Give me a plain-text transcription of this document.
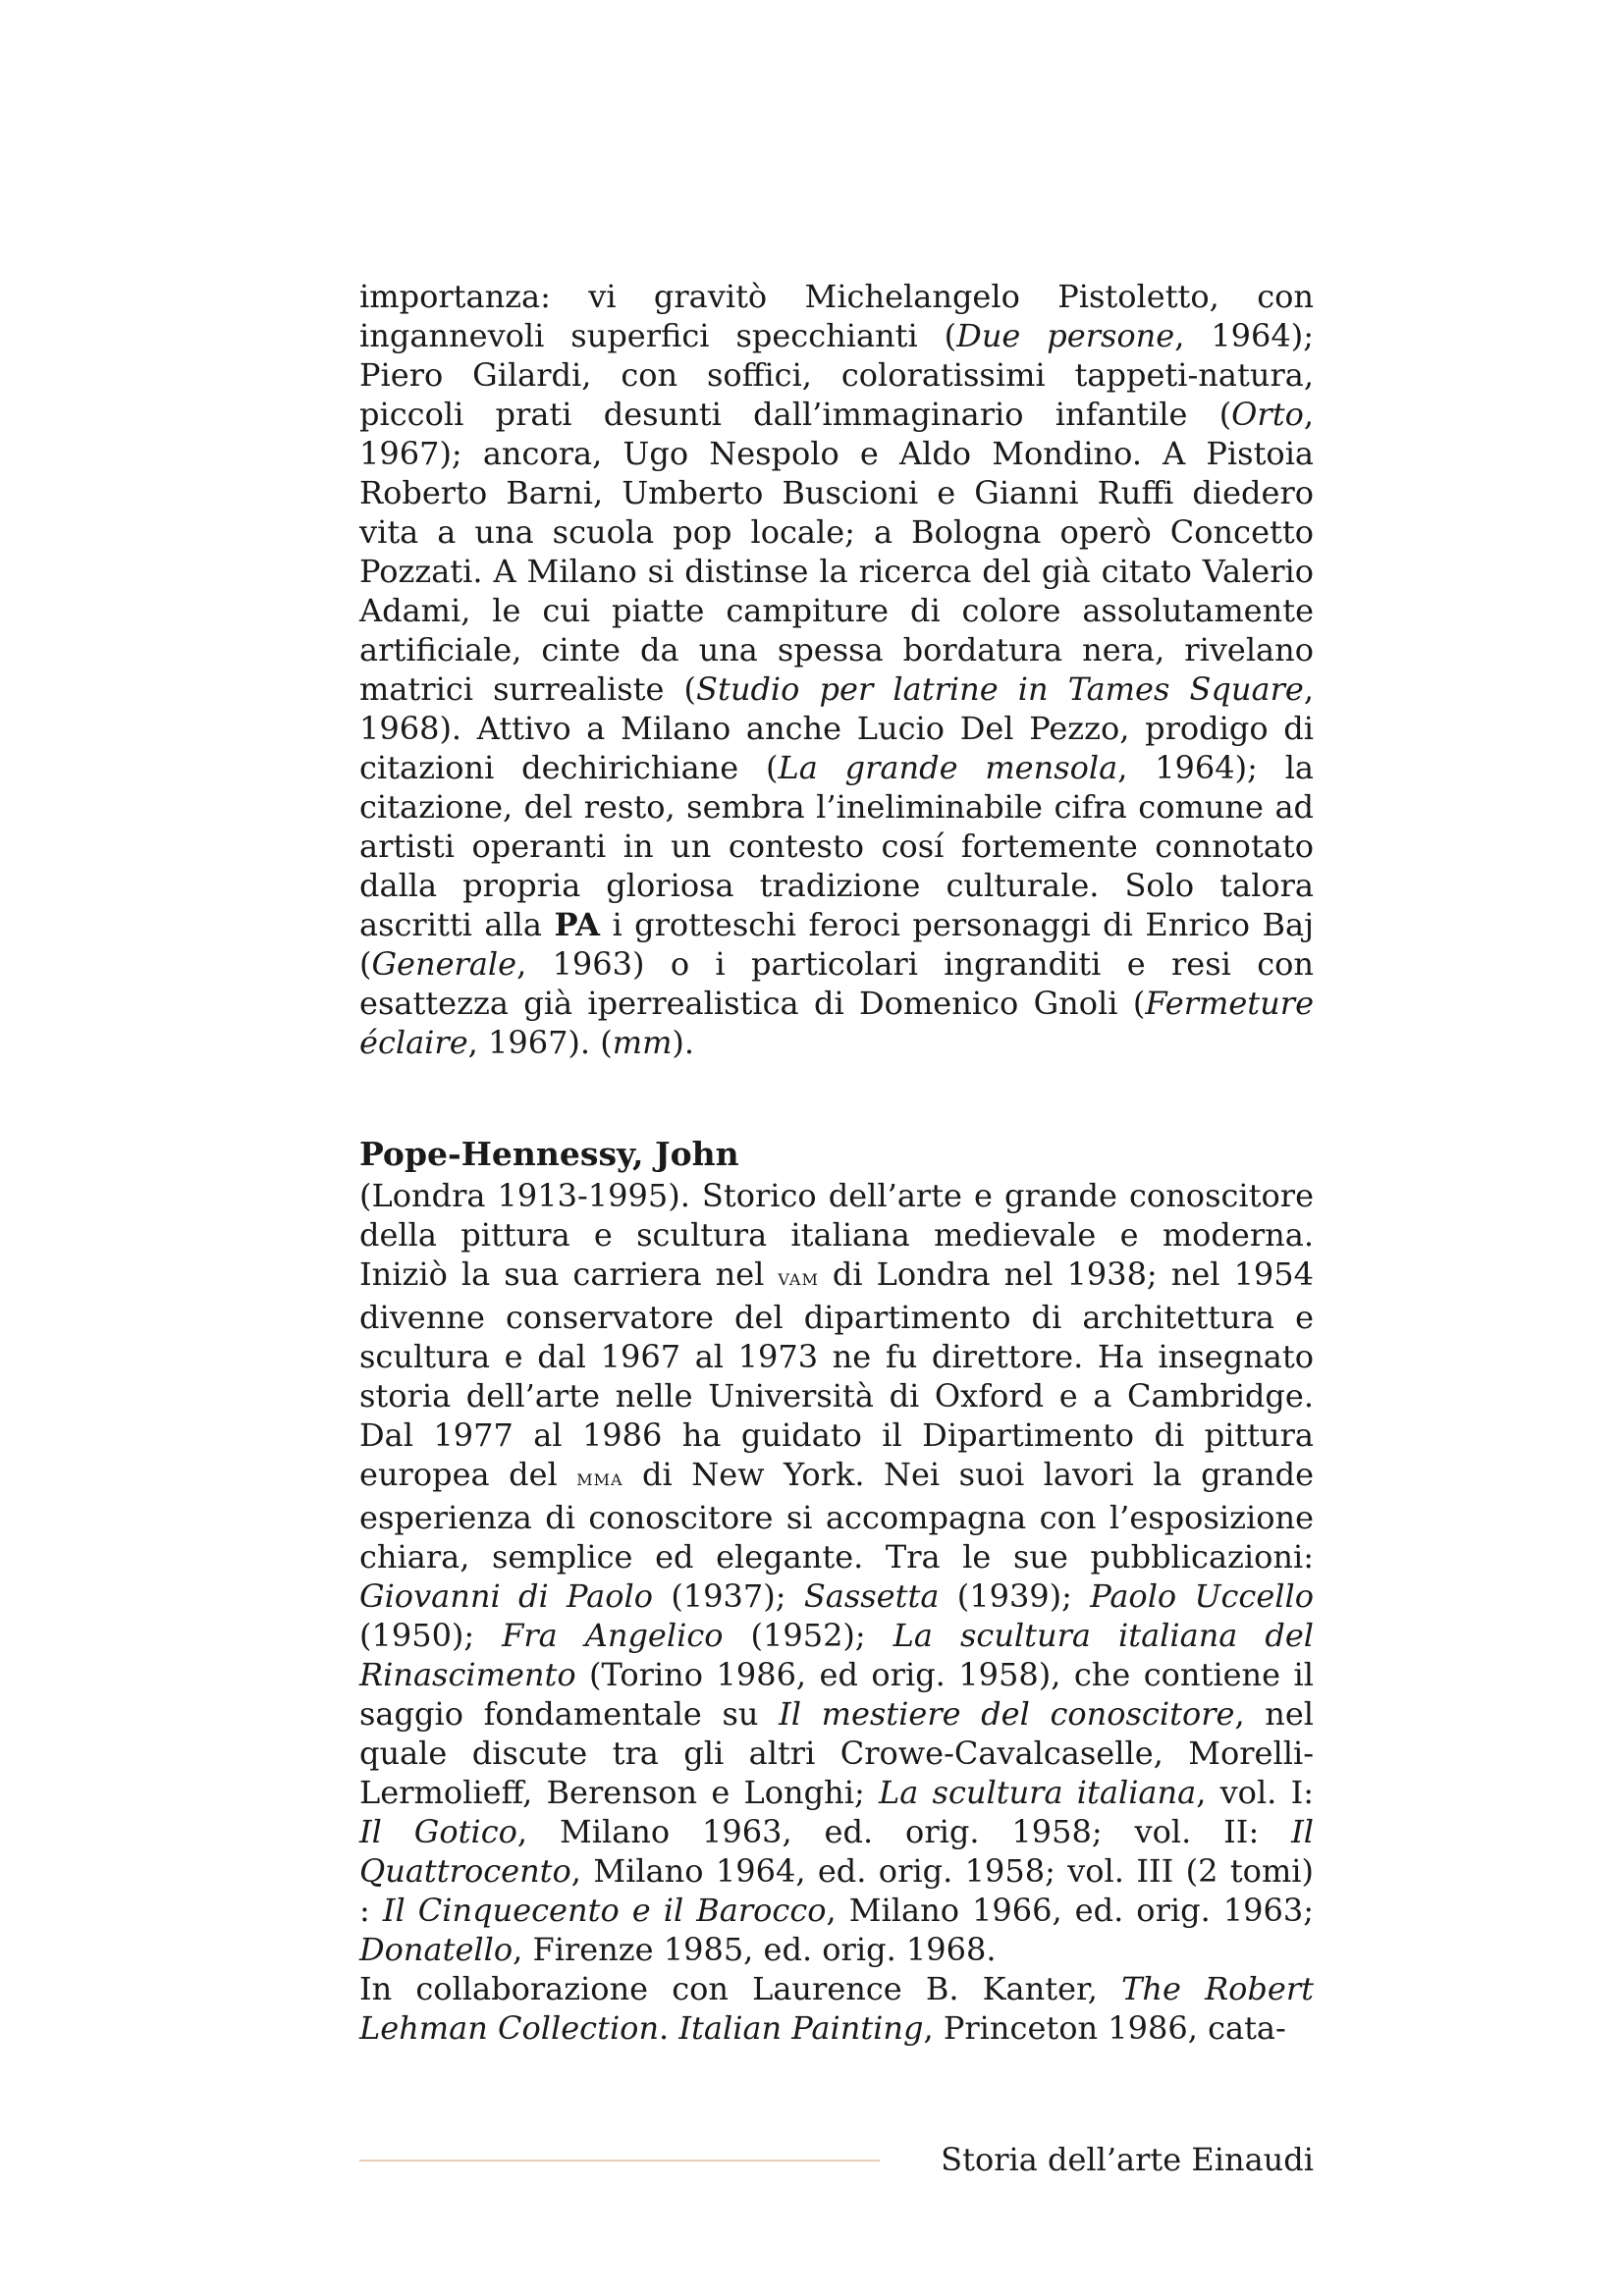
importanza: vi gravitò Michelangelo Pistoletto, con ingannevoli superfici specchianti (Due persone, 1964); Piero Gilardi, con soffici, coloratissimi tappeti-natura, piccoli prati desunti dall’immaginario infantile (Orto, 1967); ancora, Ugo Nespolo e Aldo Mondino. A Pistoia Roberto Barni, Umberto Buscioni e Gianni Ruffi diedero vita a una scuola pop locale; a Bologna operò Concetto Pozzati. A Milano si distinse la ricerca del già citato Valerio Adami, le cui piatte campiture di colore assolutamente artificiale, cinte da una spessa bordatura nera, rivelano matrici surrealiste (Studio per latrine in Tames Square, 1968). Attivo a Milano anche Lucio Del Pezzo, prodigo di citazioni dechirichiane (La grande mensola, 1964); la citazione, del resto, sembra l’ineliminabile cifra comune ad artisti operanti in un contesto cosí fortemente connotato dalla propria gloriosa tradizione culturale. Solo talora ascritti alla PA i grotteschi feroci personaggi di Enrico Baj (Generale, 1963) o i particolari ingranditi e resi con esattezza già iperrealistica di Domenico Gnoli (Fermeture éclaire, 1967). (mm).

Pope-Hennessy, John

(Londra 1913-1995). Storico dell’arte e grande conoscitore della pittura e scultura italiana medievale e moderna. Iniziò la sua carriera nel vam di Londra nel 1938; nel 1954 divenne conservatore del dipartimento di architettura e scultura e dal 1967 al 1973 ne fu direttore. Ha insegnato storia dell’arte nelle Università di Oxford e a Cambridge. Dal 1977 al 1986 ha guidato il Dipartimento di pittura europea del mma di New York. Nei suoi lavori la grande esperienza di conoscitore si accompagna con l’esposizione chiara, semplice ed elegante. Tra le sue pubblicazioni: Giovanni di Paolo (1937); Sassetta (1939); Paolo Uccello (1950); Fra Angelico (1952); La scultura italiana del Rinascimento (Torino 1986, ed orig. 1958), che contiene il saggio fondamentale su Il mestiere del conoscitore, nel quale discute tra gli altri Crowe-Cavalcaselle, Morelli-Lermolieff, Berenson e Longhi; La scultura italiana, vol. I: Il Gotico, Milano 1963, ed. orig. 1958; vol. II: Il Quattrocento, Milano 1964, ed. orig. 1958; vol. III (2 tomi) : Il Cinquecento e il Barocco, Milano 1966, ed. orig. 1963; Donatello, Firenze 1985, ed. orig. 1968.

In collaborazione con Laurence B. Kanter, The Robert Lehman Collection. Italian Painting, Princeton 1986, cata-

Storia dell’arte Einaudi
